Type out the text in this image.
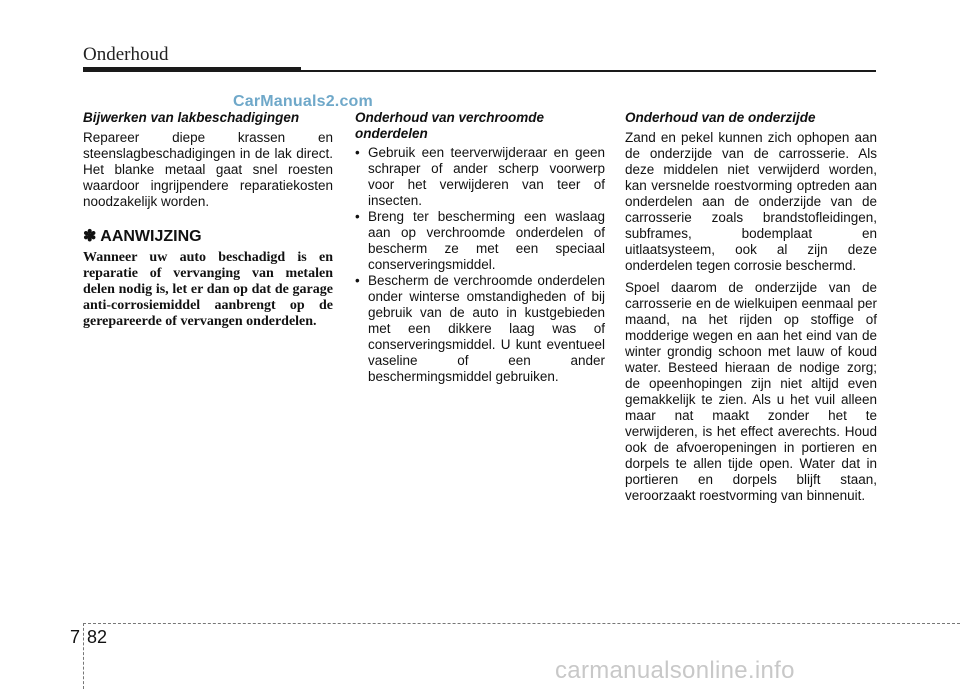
Onderhoud
CarManuals2.com

Bijwerken van lakbeschadigingen

Repareer diepe krassen en steenslagbeschadigingen in de lak direct. Het blanke metaal gaat snel roesten waardoor ingrijpendere reparatiekosten noodzakelijk worden.

✽ AANWIJZING
Wanneer uw auto beschadigd is en reparatie of vervanging van metalen delen nodig is, let er dan op dat de garage anti-corrosiemiddel aanbrengt op de gerepareerde of vervangen onderdelen.

Onderhoud van verchroomde onderdelen

• Gebruik een teerverwijderaar en geen schraper of ander scherp voorwerp voor het verwijderen van teer of insecten.
• Breng ter bescherming een waslaag aan op verchroomde onderdelen of bescherm ze met een speciaal conserveringsmiddel.
• Bescherm de verchroomde onderdelen onder winterse omstandigheden of bij gebruik van de auto in kustgebieden met een dikkere laag was of conserveringsmiddel. U kunt eventueel vaseline of een ander beschermingsmiddel gebruiken.

Onderhoud van de onderzijde

Zand en pekel kunnen zich ophopen aan de onderzijde van de carrosserie. Als deze middelen niet verwijderd worden, kan versnelde roestvorming optreden aan onderdelen aan de onderzijde van de carrosserie zoals brandstofleidingen, subframes, bodemplaat en uitlaatsysteem, ook al zijn deze onderdelen tegen corrosie beschermd.

Spoel daarom de onderzijde van de carrosserie en de wielkuipen eenmaal per maand, na het rijden op stoffige of modderige wegen en aan het eind van de winter grondig schoon met lauw of koud water. Besteed hieraan de nodige zorg; de opeenhopingen zijn niet altijd even gemakkelijk te zien. Als u het vuil alleen maar nat maakt zonder het te verwijderen, is het effect averechts. Houd ook de afvoeropeningen in portieren en dorpels te allen tijde open. Water dat in portieren en dorpels blijft staan, veroorzaakt roestvorming van binnenuit.

7 82
carmanualsonline.info
